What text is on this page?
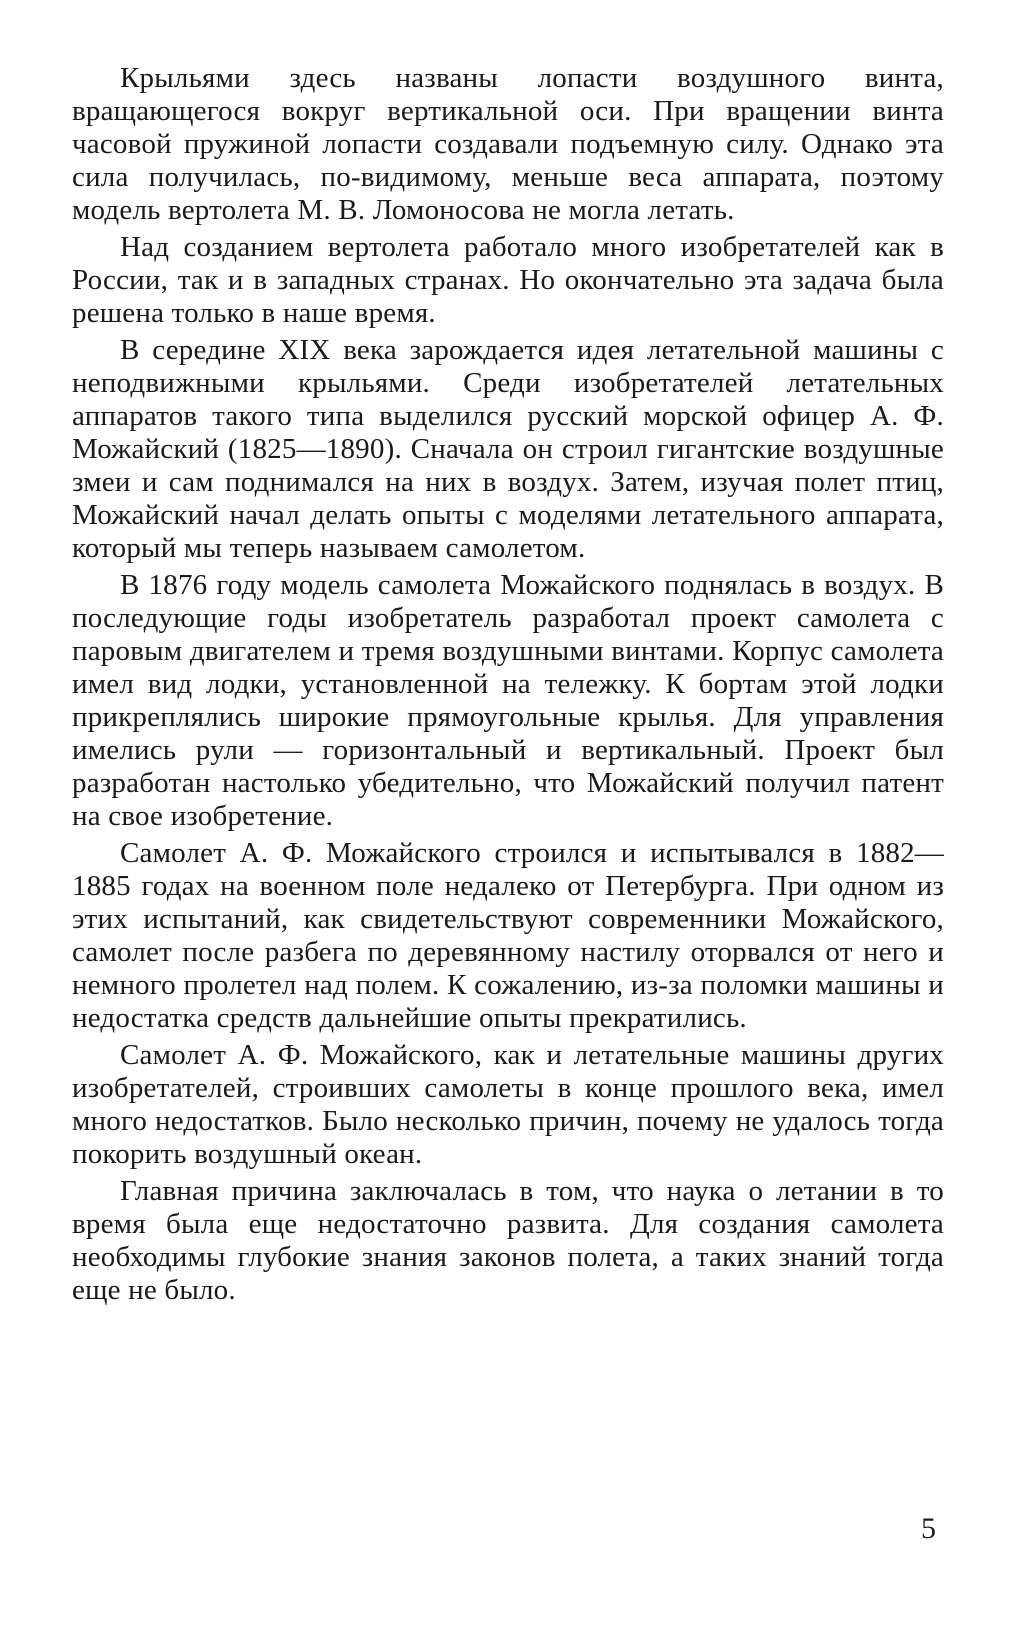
Крыльями здесь названы лопасти воздушного винта, вращающегося вокруг вертикальной оси. При вращении винта часовой пружиной лопасти создавали подъемную силу. Однако эта сила получилась, по-видимому, меньше веса аппарата, поэтому модель вертолета М. В. Ломоносова не могла летать.

Над созданием вертолета работало много изобретателей как в России, так и в западных странах. Но окончательно эта задача была решена только в наше время.

В середине XIX века зарождается идея летательной машины с неподвижными крыльями. Среди изобретателей летательных аппаратов такого типа выделился русский морской офицер А. Ф. Можайский (1825—1890). Сначала он строил гигантские воздушные змеи и сам поднимался на них в воздух. Затем, изучая полет птиц, Можайский начал делать опыты с моделями летательного аппарата, который мы теперь называем самолетом.

В 1876 году модель самолета Можайского поднялась в воздух. В последующие годы изобретатель разработал проект самолета с паровым двигателем и тремя воздушными винтами. Корпус самолета имел вид лодки, установленной на тележку. К бортам этой лодки прикреплялись широкие прямоугольные крылья. Для управления имелись рули — горизонтальный и вертикальный. Проект был разработан настолько убедительно, что Можайский получил патент на свое изобретение.

Самолет А. Ф. Можайского строился и испытывался в 1882—1885 годах на военном поле недалеко от Петербурга. При одном из этих испытаний, как свидетельствуют современники Можайского, самолет после разбега по деревянному настилу оторвался от него и немного пролетел над полем. К сожалению, из-за поломки машины и недостатка средств дальнейшие опыты прекратились.

Самолет А. Ф. Можайского, как и летательные машины других изобретателей, строивших самолеты в конце прошлого века, имел много недостатков. Было несколько причин, почему не удалось тогда покорить воздушный океан.

Главная причина заключалась в том, что наука о летании в то время была еще недостаточно развита. Для создания самолета необходимы глубокие знания законов полета, а таких знаний тогда еще не было.

5
